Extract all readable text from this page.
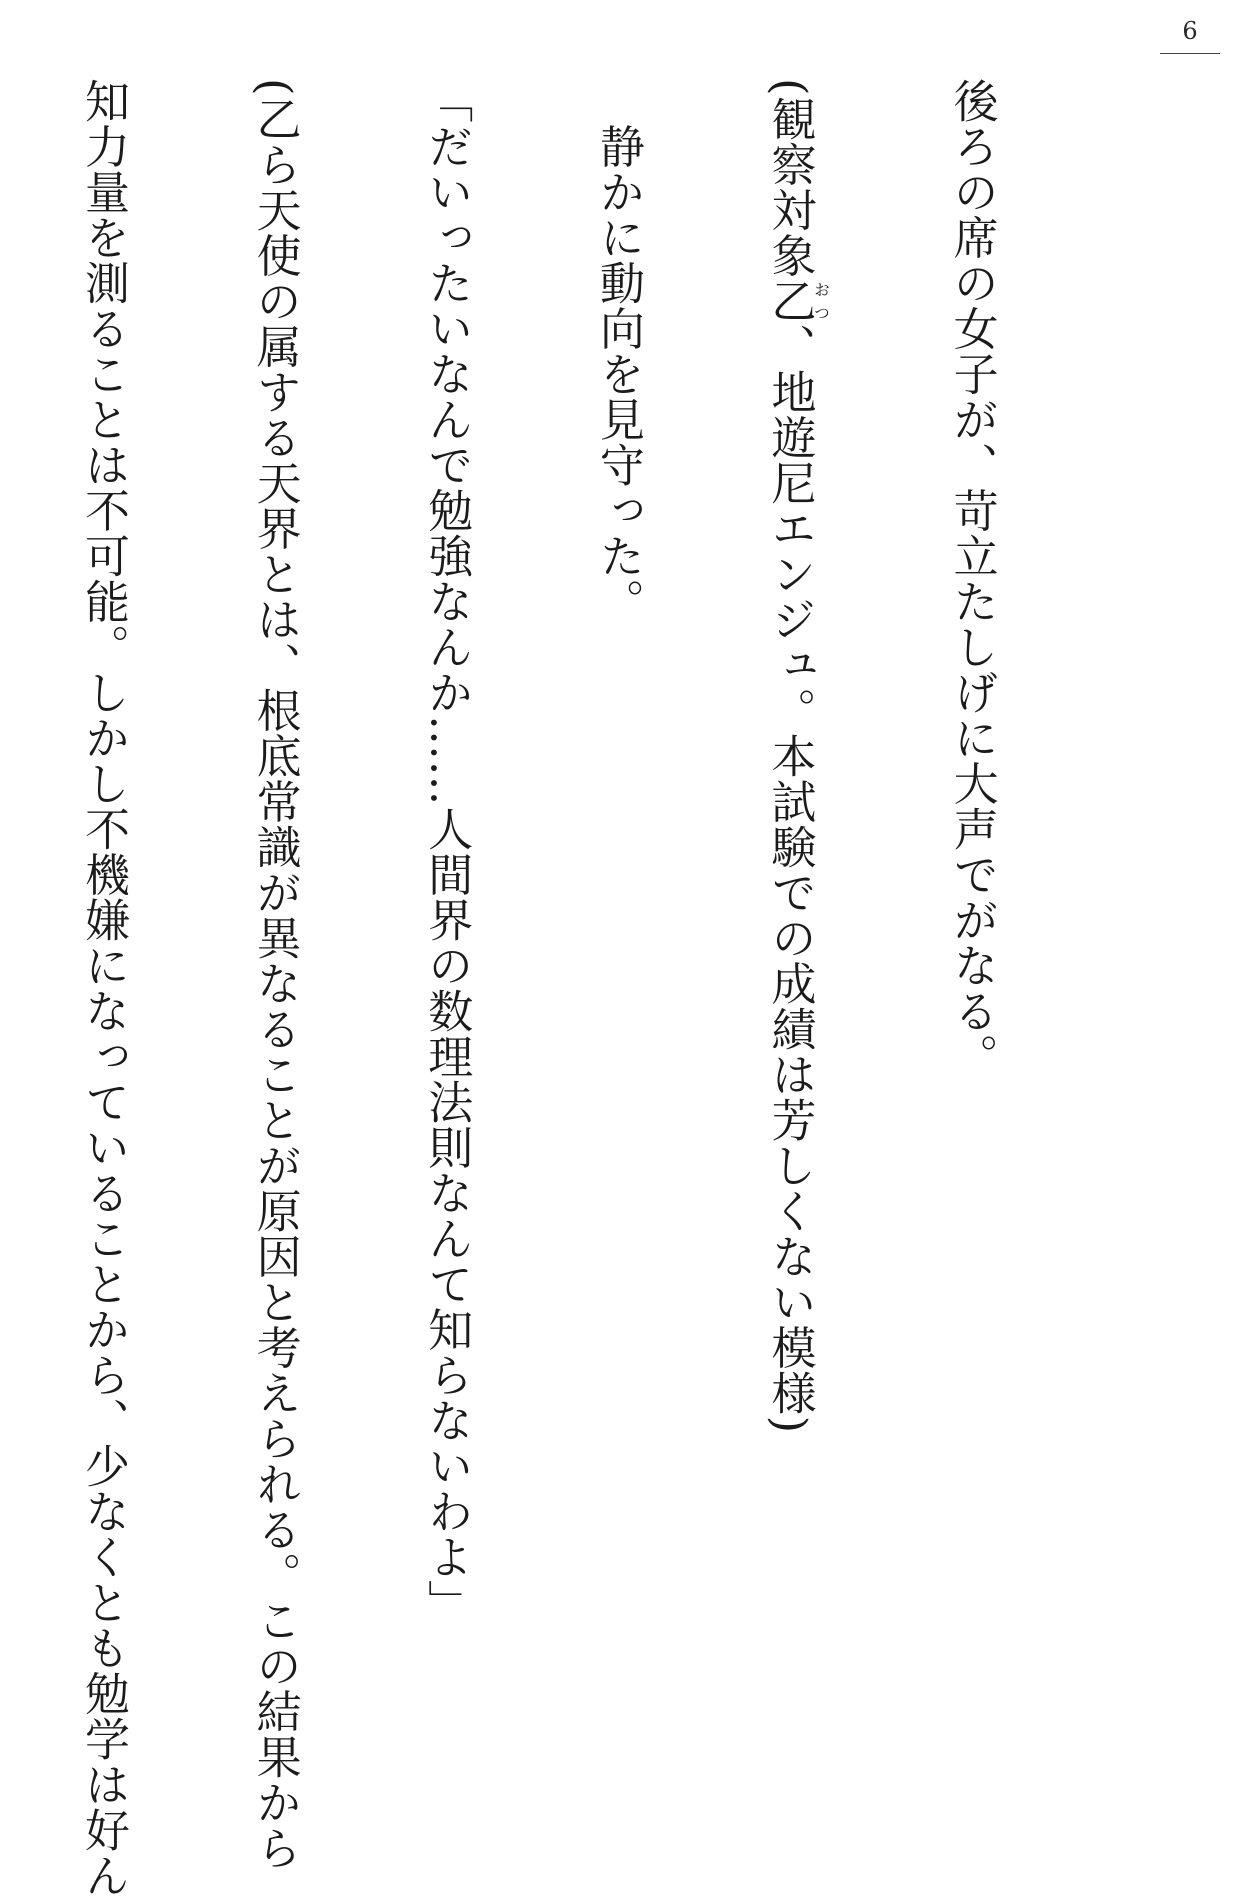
6

後ろの席の女子が、苛立たしげに大声でがなる。

(観察対象乙おつ、地遊尼エンジュ。本試験での成績は芳しくない模様)

　静かに動向を見守った。

「だいったいなんで勉強なんか……人間界の数理法則なんて知らないわよ」

(乙ら天使の属する天界とは、根底常識が異なることが原因と考えられる。この結果から

知力量を測ることは不可能。しかし不機嫌になっていることから、少なくとも勉学は好ん
